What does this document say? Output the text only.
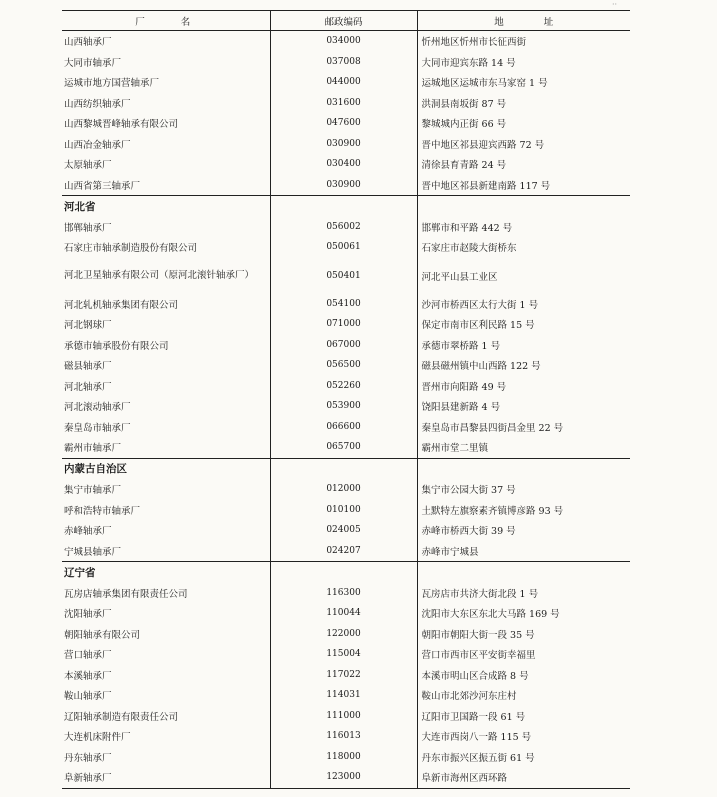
厂名	邮政编码	地址
山西轴承厂	034000	忻州地区忻州市长征西街
大同市轴承厂	037008	大同市迎宾东路 14 号
运城市地方国营轴承厂	044000	运城地区运城市东马家窑 1 号
山西纺织轴承厂	031600	洪洞县南坂街 87 号
山西黎城晋峰轴承有限公司	047600	黎城城内正街 66 号
山西冶金轴承厂	030900	晋中地区祁县迎宾西路 72 号
太原轴承厂	030400	清徐县育青路 24 号
山西省第三轴承厂	030900	晋中地区祁县新建南路 117 号
河北省		
邯郸轴承厂	056002	邯郸市和平路 442 号
石家庄市轴承制造股份有限公司	050061	石家庄市赵陵大街桥东
河北卫星轴承有限公司（原河北滚针轴承厂）	050401	河北平山县工业区
河北轧机轴承集团有限公司	054100	沙河市桥西区太行大街 1 号
河北钢球厂	071000	保定市南市区利民路 15 号
承德市轴承股份有限公司	067000	承德市翠桥路 1 号
磁县轴承厂	056500	磁县磁州镇中山西路 122 号
河北轴承厂	052260	晋州市向阳路 49 号
河北滚动轴承厂	053900	饶阳县建新路 4 号
秦皇岛市轴承厂	066600	秦皇岛市昌黎县四街昌金里 22 号
霸州市轴承厂	065700	霸州市堂二里镇
内蒙古自治区		
集宁市轴承厂	012000	集宁市公园大街 37 号
呼和浩特市轴承厂	010100	土默特左旗察素齐镇博彦路 93 号
赤峰轴承厂	024005	赤峰市桥西大街 39 号
宁城县轴承厂	024207	赤峰市宁城县
辽宁省		
瓦房店轴承集团有限责任公司	116300	瓦房店市共济大街北段 1 号
沈阳轴承厂	110044	沈阳市大东区东北大马路 169 号
朝阳轴承有限公司	122000	朝阳市朝阳大街一段 35 号
营口轴承厂	115004	营口市西市区平安街幸福里
本溪轴承厂	117022	本溪市明山区合成路 8 号
鞍山轴承厂	114031	鞍山市北郊沙河东庄村
辽阳轴承制造有限责任公司	111000	辽阳市卫国路一段 61 号
大连机床附件厂	116013	大连市西岗八一路 115 号
丹东轴承厂	118000	丹东市振兴区振五街 61 号
阜新轴承厂	123000	阜新市海州区西环路
··
